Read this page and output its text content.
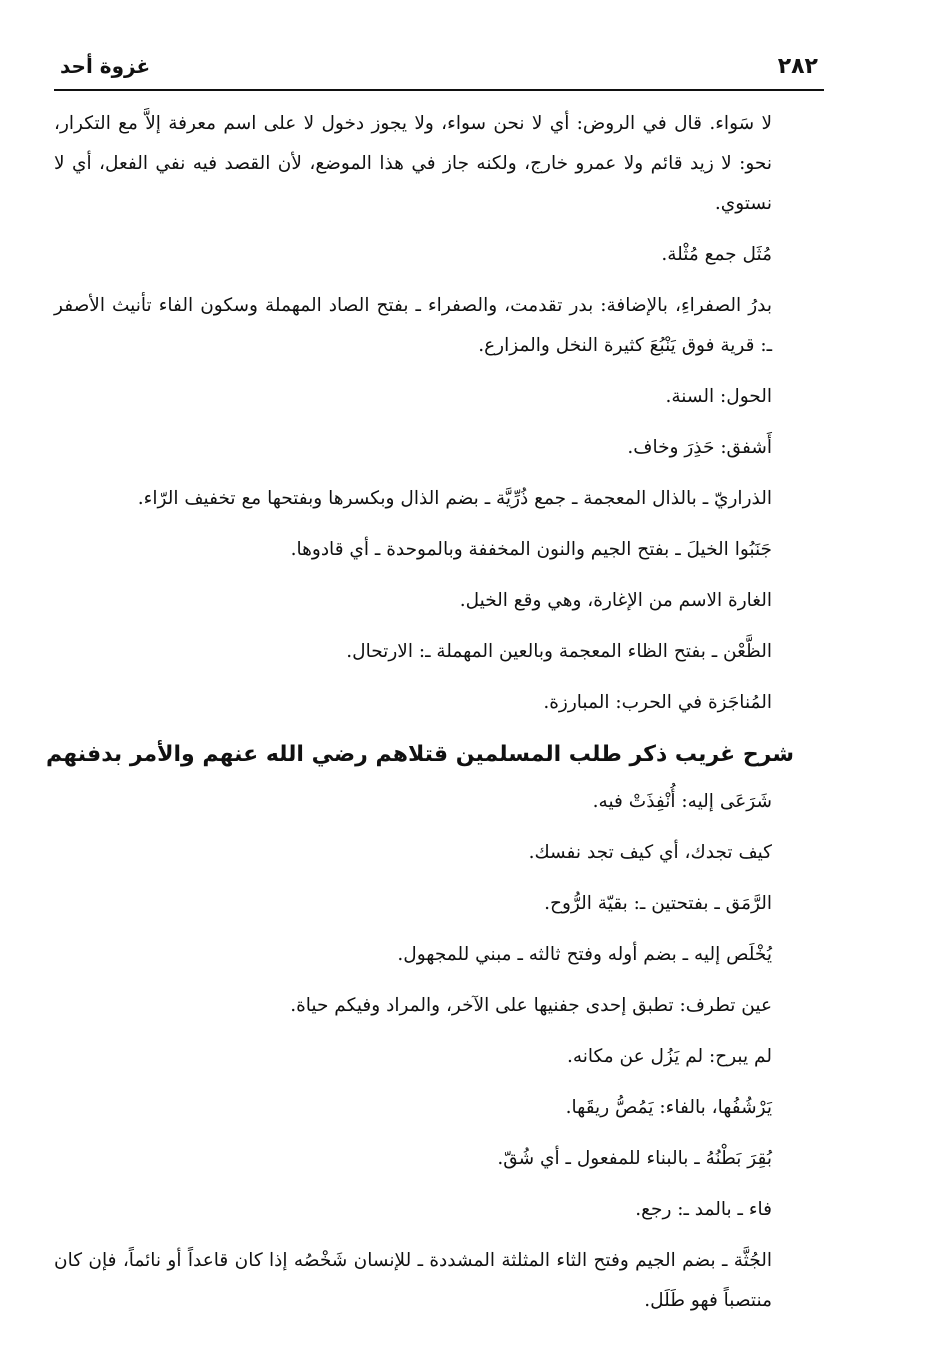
٢٨٢
غزوة أحد

لا سَواء. قال في الروض: أي لا نحن سواء، ولا يجوز دخول لا على اسم معرفة إلاَّ مع التكرار، نحو: لا زيد قائم ولا عمرو خارج، ولكنه جاز في هذا الموضع، لأن القصد فيه نفي الفعل، أي لا نستوي.

مُثَل جمع مُثْلة.

بدرُ الصفراءِ، بالإضافة: بدر تقدمت، والصفراء ـ بفتح الصاد المهملة وسكون الفاء تأنيث الأصفر ـ: قرية فوق يَنْبُعَ كثيرة النخل والمزارع.

الحول: السنة.

أَشفق: حَذِرَ وخاف.

الذراريّ ـ بالذال المعجمة ـ جمع ذُرِّيَّة ـ بضم الذال وبكسرها وبفتحها مع تخفيف الرّاء.

جَنَبُوا الخيلَ ـ بفتح الجيم والنون المخففة وبالموحدة ـ أي قادوها.

الغارة الاسم من الإغارة، وهي وقع الخيل.

الظَّعْن ـ بفتح الظاء المعجمة وبالعين المهملة ـ: الارتحال.

المُناجَزة في الحرب: المبارزة.

شرح غريب ذكر طلب المسلمين قتلاهم رضي الله عنهم والأمر بدفنهم

شَرَعَى إليه: أُنْفِذَتْ فيه.

كيف تجدك، أي كيف تجد نفسك.

الرَّمَق ـ بفتحتين ـ: بقيّة الرُّوح.

يُخْلَص إليه ـ بضم أوله وفتح ثالثه ـ مبني للمجهول.

عين تطرف: تطبق إحدى جفنيها على الآخر، والمراد وفيكم حياة.

لم يبرح: لم يَزُل عن مكانه.

يَرْشُفُها، بالفاء: يَمُصُّ ريقَها.

بُقِرَ بَطْنُهُ ـ بالبناء للمفعول ـ أي شُقّ.

فاء ـ بالمد ـ: رجع.

الجُثَّة ـ بضم الجيم وفتح الثاء المثلثة المشددة ـ للإنسان شَخْصُه إذا كان قاعداً أو نائماً، فإن كان منتصباً فهو طَلَل.
